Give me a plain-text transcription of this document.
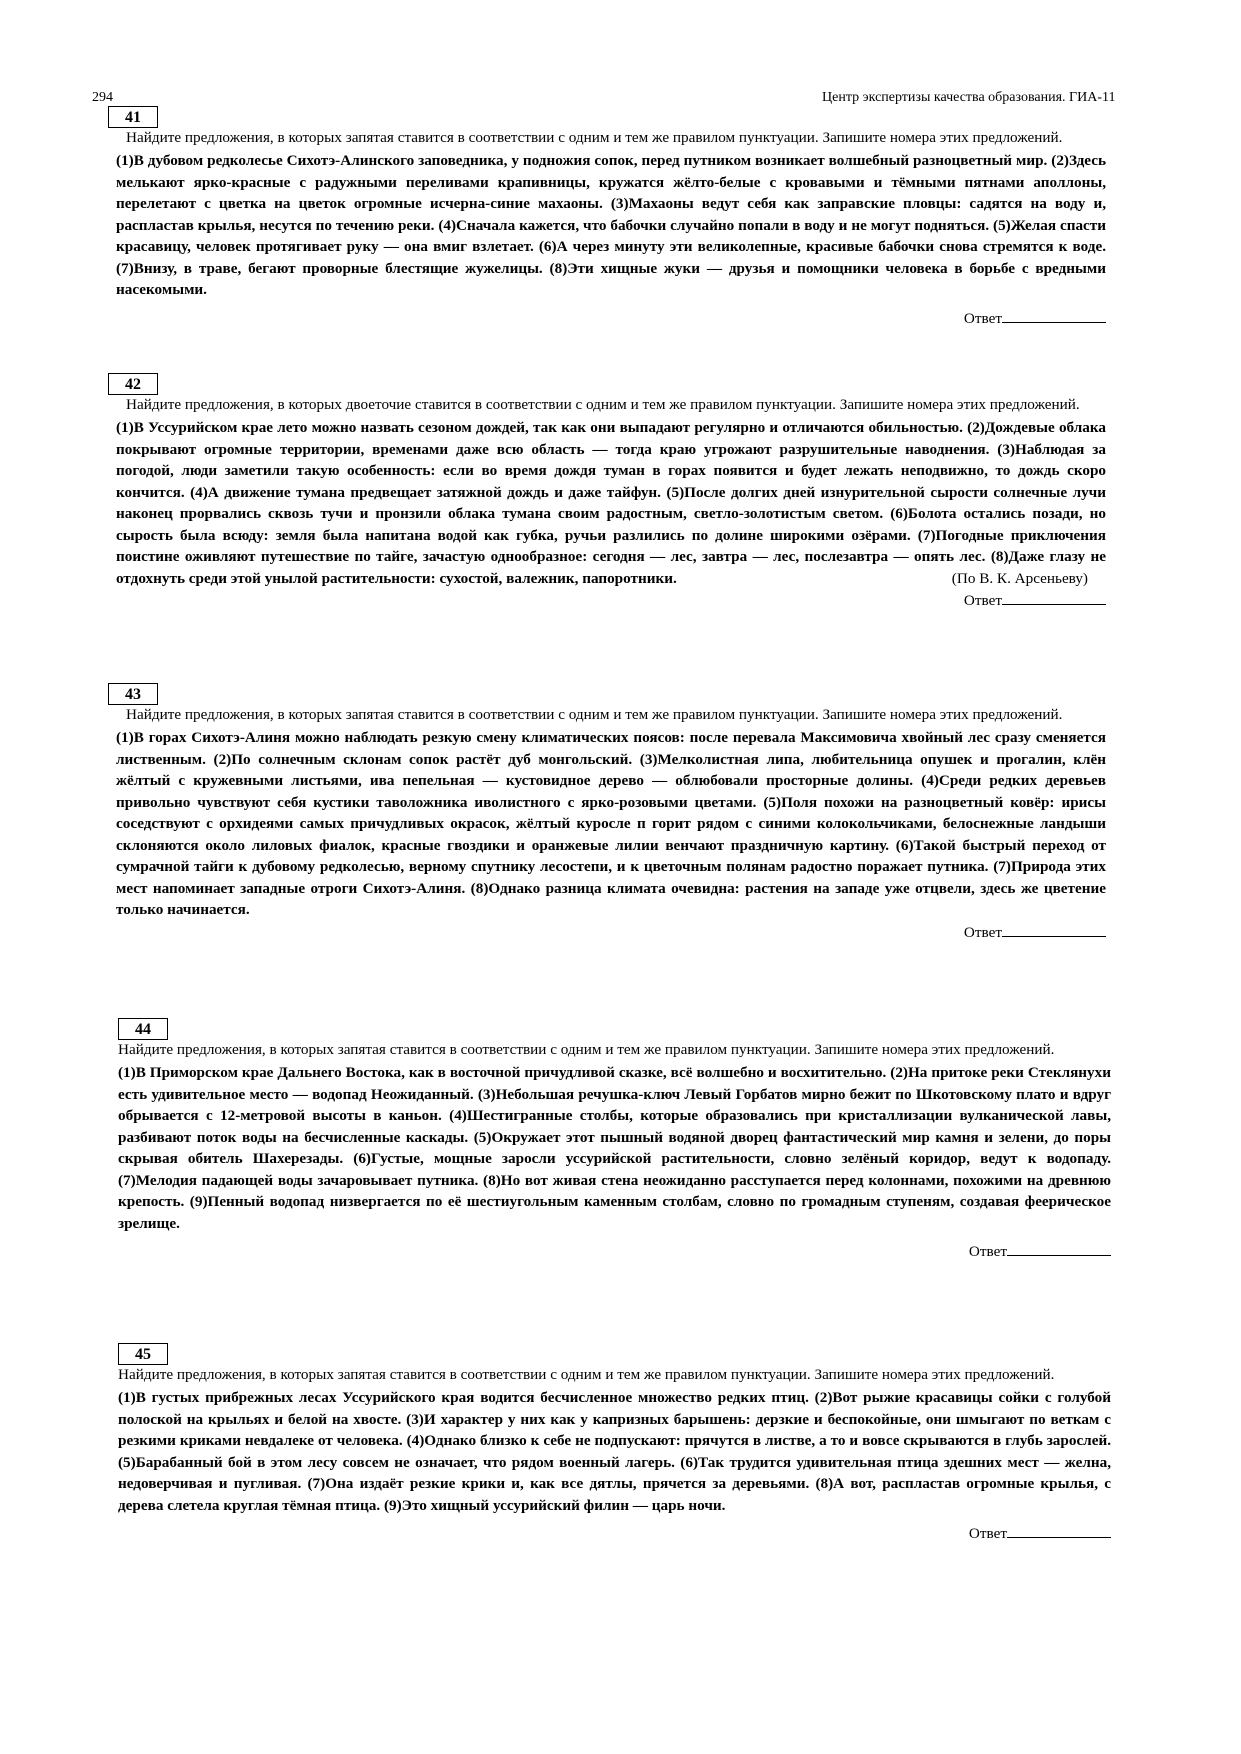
294	Центр экспертизы качества образования. ГИА-11
41

Найдите предложения, в которых запятая ставится в соответствии с одним и тем же правилом пунктуации. Запишите номера этих предложений.

(1)В дубовом редколесье Сихотэ-Алинского заповедника, у подножия сопок, перед путником возникает волшебный разноцветный мир. (2)Здесь мелькают ярко-красные с радужными переливами крапивницы, кружатся жёлто-белые с кровавыми и тёмными пятнами аполлоны, перелетают с цветка на цветок огромные исчерна-синие махаоны. (3)Махаоны ведут себя как заправские пловцы: садятся на воду и, распластав крылья, несутся по течению реки. (4)Сначала кажется, что бабочки случайно попали в воду и не могут подняться. (5)Желая спасти красавицу, человек протягивает руку — она вмиг взлетает. (6)А через минуту эти великолепные, красивые бабочки снова стремятся к воде. (7)Внизу, в траве, бегают проворные блестящие жужелицы. (8)Эти хищные жуки — друзья и помощники человека в борьбе с вредными насекомыми.

Ответ
42

Найдите предложения, в которых двоеточие ставится в соответствии с одним и тем же правилом пунктуации. Запишите номера этих предложений.

(1)В Уссурийском крае лето можно назвать сезоном дождей, так как они выпадают регулярно и отличаются обильностью. (2)Дождевые облака покрывают огромные территории, временами даже всю область — тогда краю угрожают разрушительные наводнения. (3)Наблюдая за погодой, люди заметили такую особенность: если во время дождя туман в горах появится и будет лежать неподвижно, то дождь скоро кончится. (4)А движение тумана предвещает затяжной дождь и даже тайфун. (5)После долгих дней изнурительной сырости солнечные лучи наконец прорвались сквозь тучи и пронзили облака тумана своим радостным, светло-золотистым светом. (6)Болота остались позади, но сырость была всюду: земля была напитана водой как губка, ручьи разлились по долине широкими озёрами. (7)Погодные приключения поистине оживляют путешествие по тайге, зачастую однообразное: сегодня — лес, завтра — лес, послезавтра — опять лес. (8)Даже глазу не отдохнуть среди этой унылой растительности: сухостой, валежник, папоротники.	(По В. К. Арсеньеву)

Ответ
43

Найдите предложения, в которых запятая ставится в соответствии с одним и тем же правилом пунктуации. Запишите номера этих предложений.

(1)В горах Сихотэ-Алиня можно наблюдать резкую смену климатических поясов: после перевала Максимовича хвойный лес сразу сменяется лиственным. (2)По солнечным склонам сопок растёт дуб монгольский. (3)Мелколистная липа, любительница опушек и прогалин, клён жёлтый с кружевными листьями, ива пепельная — кустовидное дерево — облюбовали просторные долины. (4)Среди редких деревьев привольно чувствуют себя кустики таволожника иволистного с ярко-розовыми цветами. (5)Поля похожи на разноцветный ковёр: ирисы соседствуют с орхидеями самых причудливых окрасок, жёлтый куросле п горит рядом с синими колокольчиками, белоснежные ландыши склоняются около лиловых фиалок, красные гвоздики и оранжевые лилии венчают праздничную картину. (6)Такой быстрый переход от сумрачной тайги к дубовому редколесью, верному спутнику лесостепи, и к цветочным полянам радостно поражает путника. (7)Природа этих мест напоминает западные отроги Сихотэ-Алиня. (8)Однако разница климата очевидна: растения на западе уже отцвели, здесь же цветение только начинается.

Ответ
44

Найдите предложения, в которых запятая ставится в соответствии с одним и тем же правилом пунктуации. Запишите номера этих предложений.

(1)В Приморском крае Дальнего Востока, как в восточной причудливой сказке, всё волшебно и восхитительно. (2)На притоке реки Стеклянухи есть удивительное место — водопад Неожиданный. (3)Небольшая речушка-ключ Левый Горбатов мирно бежит по Шкотовскому плато и вдруг обрывается с 12-метровой высоты в каньон. (4)Шестигранные столбы, которые образовались при кристаллизации вулканической лавы, разбивают поток воды на бесчисленные каскады. (5)Окружает этот пышный водяной дворец фантастический мир камня и зелени, до поры скрывая обитель Шахерезады. (6)Густые, мощные заросли уссурийской растительности, словно зелёный коридор, ведут к водопаду. (7)Мелодия падающей воды зачаровывает путника. (8)Но вот живая стена неожиданно расступается перед колоннами, похожими на древнюю крепость. (9)Пенный водопад низвергается по её шестиугольным каменным столбам, словно по громадным ступеням, создавая феерическое зрелище.

Ответ
45

Найдите предложения, в которых запятая ставится в соответствии с одним и тем же правилом пунктуации. Запишите номера этих предложений.

(1)В густых прибрежных лесах Уссурийского края водится бесчисленное множество редких птиц. (2)Вот рыжие красавицы сойки с голубой полоской на крыльях и белой на хвосте. (3)И характер у них как у капризных барышень: дерзкие и беспокойные, они шмыгают по веткам с резкими криками невдалеке от человека. (4)Однако близко к себе не подпускают: прячутся в листве, а то и вовсе скрываются в глубь зарослей. (5)Барабанный бой в этом лесу совсем не означает, что рядом военный лагерь. (6)Так трудится удивительная птица здешних мест — желна, недоверчивая и пугливая. (7)Она издаёт резкие крики и, как все дятлы, прячется за деревьями. (8)А вот, распластав огромные крылья, с дерева слетела круглая тёмная птица. (9)Это хищный уссурийский филин — царь ночи.

Ответ
